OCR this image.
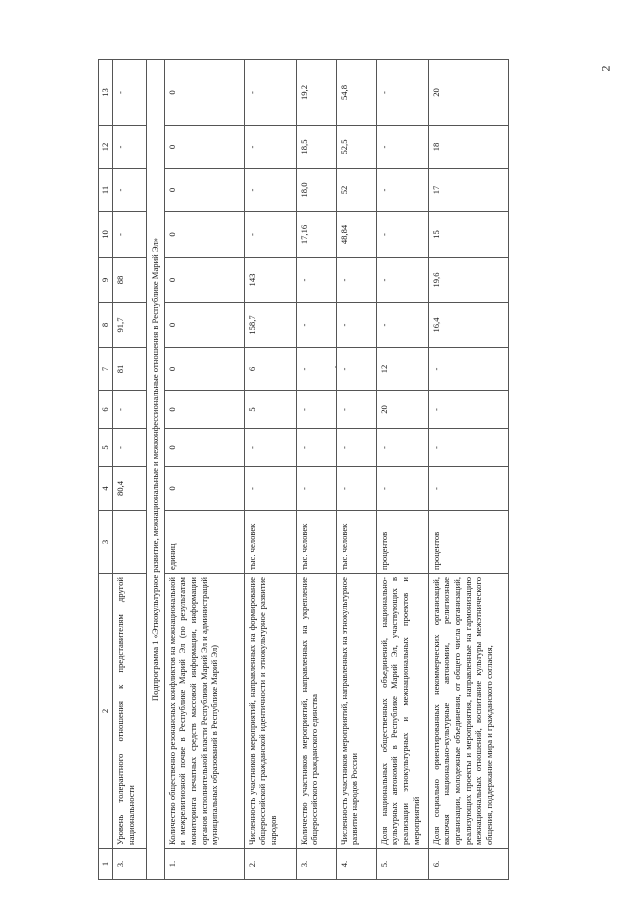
2
1	2	3	4	5	6	7	8	9	10	11	12	13
3.	Уровень толерантного отношения к представителям другой национальности		80,4	-	-	81	91,7	88	-	-	-	-
Подпрограмма 1 «Этнокультурное развитие, межнациональные и межконфессиональные отношения в Республике Марий Эл»												
1.	Количество общественно резонансных конфликтов на межнациональной и межрелигиозной почве в Республике Марий Эл (по результатам мониторинга печатных средств массовой информации, информации органов исполнительной власти Республики Марий Эл и администраций муниципальных образований в Республике Марий Эл)	единиц	0	0	0	0	0	0	0	0	0	0
2.	Численность участников мероприятий, направленных на формирование общероссийской гражданской идентичности и этнокультурное развитие народов	тыс. человек	-	-	5	6	158,7	143	-	-	-	-
3.	Количество участников мероприятий, направленных на укрепление общероссийского гражданского единства	тыс. человек	-	-	-	-	-	-	17,16	18,0	18,5	19,2
4.	Численность участников мероприятий, направленных на этнокультурное развитие народов России	тыс. человек	-	-	-	-	-	-	48,84	52	52,5	54,8
5.	Доля национальных общественных объединений, национально-культурных автономий в Республике Марий Эл, участвующих в реализации этнокультурных и межнациональных проектов и мероприятий	процентов	-	-	20	12	-	-	-	-	-	-
6.	Доля социально ориентированных некоммерческих организаций, включая национально-культурные автономии, религиозные организации, молодежные объединения, от общего числа организаций, реализующих проекты и мероприятия, направленные на гармонизацию межнациональных отношений, воспитание культуры межэтнического общения, поддержание мира и гражданского согласия,	процентов	-	-	-	-	16,4	19,6	15	17	18	20
